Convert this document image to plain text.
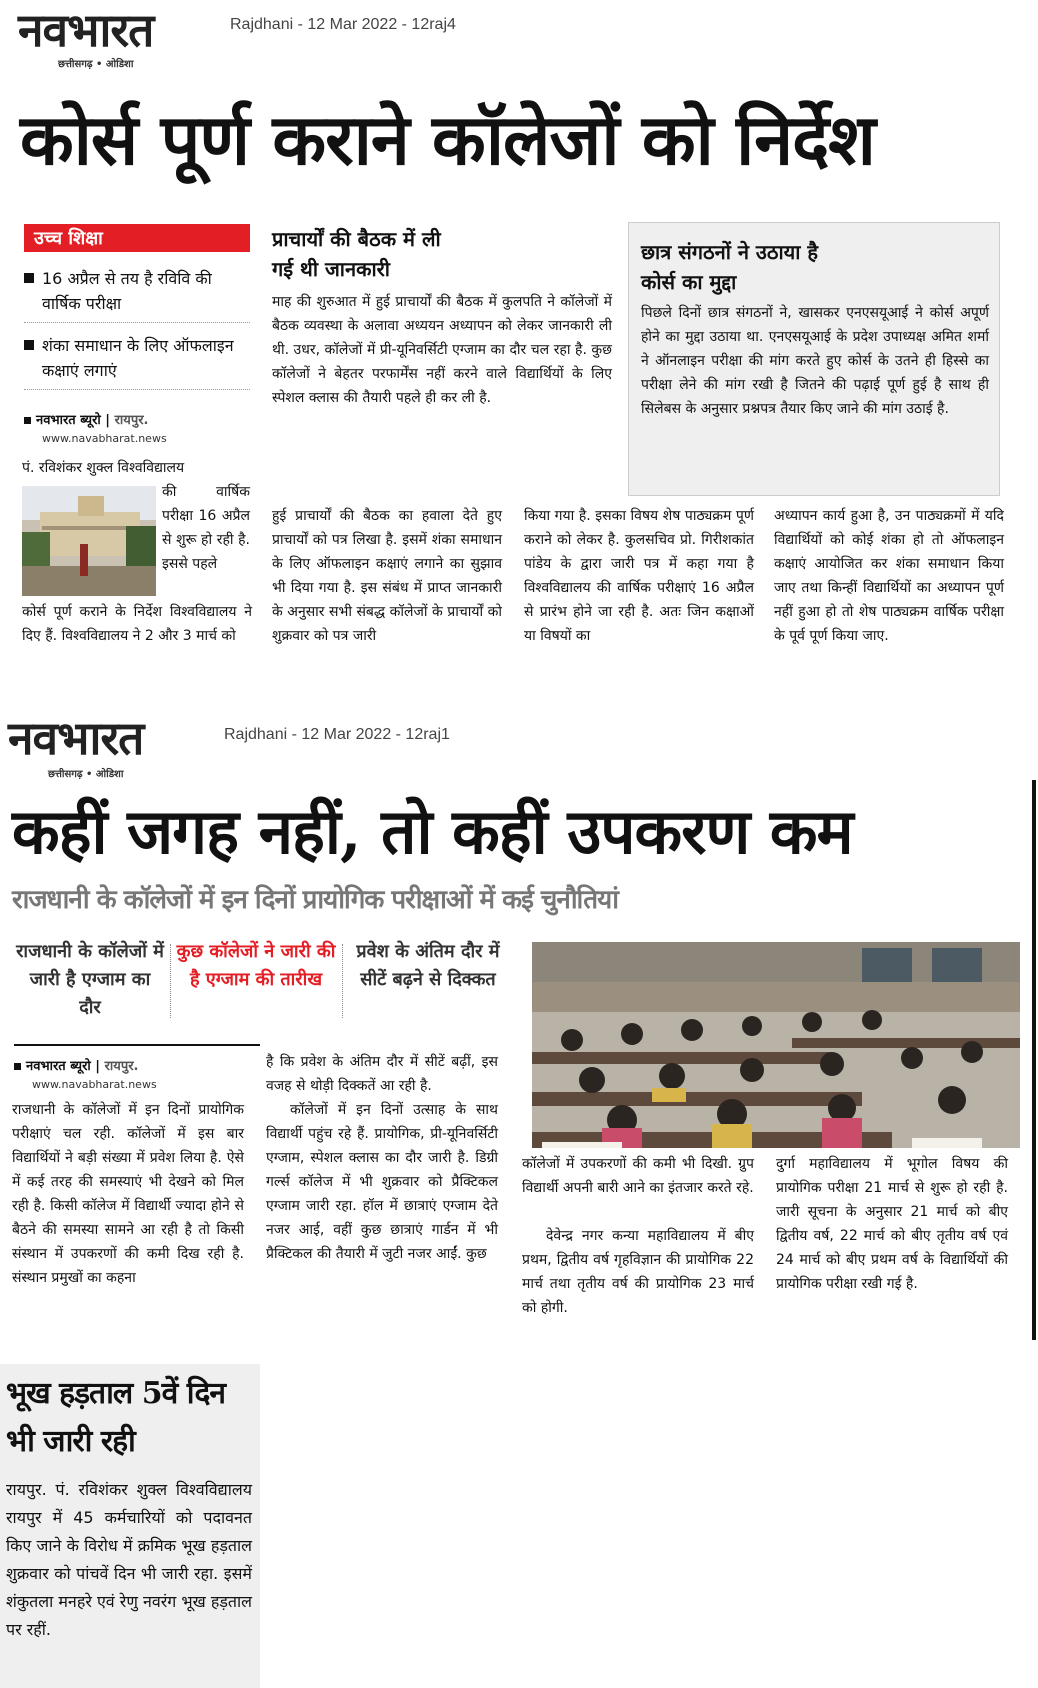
नवभारत
छत्तीसगढ़ • ओडिशा
Rajdhani - 12 Mar 2022 - 12raj4
कोर्स पूर्ण कराने कॉलेजों को निर्देश
उच्च शिक्षा
16 अप्रैल से तय है रविवि की वार्षिक परीक्षा
शंका समाधान के लिए ऑफलाइन कक्षाएं लगाएं
नवभारत ब्यूरो | रायपुर.
www.navabharat.news
पं. रविशंकर शुक्ल विश्वविद्यालय
की वार्षिक परीक्षा 16 अप्रैल से शुरू हो रही है. इससे पहले
कोर्स पूर्ण कराने के निर्देश विश्वविद्यालय ने दिए हैं. विश्वविद्यालय ने 2 और 3 मार्च को
प्राचार्यों की बैठक में ली गई थी जानकारी
माह की शुरुआत में हुई प्राचार्यों की बैठक में कुलपति ने कॉलेजों में बैठक व्यवस्था के अलावा अध्ययन अध्यापन को लेकर जानकारी ली थी. उधर, कॉलेजों में प्री-यूनिवर्सिटी एग्जाम का दौर चल रहा है. कुछ कॉलेजों ने बेहतर परफार्मेंस नहीं करने वाले विद्यार्थियों के लिए स्पेशल क्लास की तैयारी पहले ही कर ली है.
छात्र संगठनों ने उठाया है कोर्स का मुद्दा
पिछले दिनों छात्र संगठनों ने, खासकर एनएसयूआई ने कोर्स अपूर्ण होने का मुद्दा उठाया था. एनएसयूआई के प्रदेश उपाध्यक्ष अमित शर्मा ने ऑनलाइन परीक्षा की मांग करते हुए कोर्स के उतने ही हिस्से का परीक्षा लेने की मांग रखी है जितने की पढ़ाई पूर्ण हुई है साथ ही सिलेबस के अनुसार प्रश्नपत्र तैयार किए जाने की मांग उठाई है.
हुई प्राचार्यों की बैठक का हवाला देते हुए प्राचार्यों को पत्र लिखा है. इसमें शंका समाधान के लिए ऑफलाइन कक्षाएं लगाने का सुझाव भी दिया गया है. इस संबंध में प्राप्त जानकारी के अनुसार सभी संबद्ध कॉलेजों के प्राचार्यों को शुक्रवार को पत्र जारी
किया गया है. इसका विषय शेष पाठ्यक्रम पूर्ण कराने को लेकर है. कुलसचिव प्रो. गिरीशकांत पांडेय के द्वारा जारी पत्र में कहा गया है विश्वविद्यालय की वार्षिक परीक्षाएं 16 अप्रैल से प्रारंभ होने जा रही है. अतः जिन कक्षाओं या विषयों का
अध्यापन कार्य हुआ है, उन पाठ्यक्रमों में यदि विद्यार्थियों को कोई शंका हो तो ऑफलाइन कक्षाएं आयोजित कर शंका समाधान किया जाए तथा किन्हीं विद्यार्थियों का अध्यापन पूर्ण नहीं हुआ हो तो शेष पाठ्यक्रम वार्षिक परीक्षा के पूर्व पूर्ण किया जाए.
नवभारत
छत्तीसगढ़ • ओडिशा
Rajdhani - 12 Mar 2022 - 12raj1
कहीं जगह नहीं, तो कहीं उपकरण कम
राजधानी के कॉलेजों में इन दिनों प्रायोगिक परीक्षाओं में कई चुनौतियां
राजधानी के कॉलेजों में जारी है एग्जाम का दौर
कुछ कॉलेजों ने जारी की है एग्जाम की तारीख
प्रवेश के अंतिम दौर में सीटें बढ़ने से दिक्कत
नवभारत ब्यूरो | रायपुर.
www.navabharat.news
राजधानी के कॉलेजों में इन दिनों प्रायोगिक परीक्षाएं चल रही. कॉलेजों में इस बार विद्यार्थियों ने बड़ी संख्या में प्रवेश लिया है. ऐसे में कई तरह की समस्याएं भी देखने को मिल रही है. किसी कॉलेज में विद्यार्थी ज्यादा होने से बैठने की समस्या सामने आ रही है तो किसी संस्थान में उपकरणों की कमी दिख रही है. संस्थान प्रमुखों का कहना
है कि प्रवेश के अंतिम दौर में सीटें बढ़ीं, इस वजह से थोड़ी दिक्कतें आ रही है.
कॉलेजों में इन दिनों उत्साह के साथ विद्यार्थी पहुंच रहे हैं. प्रायोगिक, प्री-यूनिवर्सिटी एग्जाम, स्पेशल क्लास का दौर जारी है. डिग्री गर्ल्स कॉलेज में भी शुक्रवार को प्रैक्टिकल एग्जाम जारी रहा. हॉल में छात्राएं एग्जाम देते नजर आई, वहीं कुछ छात्राएं गार्डन में भी प्रैक्टिकल की तैयारी में जुटी नजर आईं. कुछ
कॉलेजों में उपकरणों की कमी भी दिखी. ग्रुप विद्यार्थी अपनी बारी आने का इंतजार करते रहे.
देवेन्द्र नगर कन्या महाविद्यालय में बीए प्रथम, द्वितीय वर्ष गृहविज्ञान की प्रायोगिक 22 मार्च तथा तृतीय वर्ष की प्रायोगिक 23 मार्च को होगी.
दुर्गा महाविद्यालय में भूगोल विषय की प्रायोगिक परीक्षा 21 मार्च से शुरू हो रही है. जारी सूचना के अनुसार 21 मार्च को बीए द्वितीय वर्ष, 22 मार्च को बीए तृतीय वर्ष एवं 24 मार्च को बीए प्रथम वर्ष के विद्यार्थियों की प्रायोगिक परीक्षा रखी गई है.
भूख हड़ताल 5वें दिन भी जारी रही
रायपुर. पं. रविशंकर शुक्ल विश्वविद्यालय रायपुर में 45 कर्मचारियों को पदावनत किए जाने के विरोध में क्रमिक भूख हड़ताल शुक्रवार को पांचवें दिन भी जारी रहा. इसमें शंकुतला मनहरे एवं रेणु नवरंग भूख हड़ताल पर रहीं.
